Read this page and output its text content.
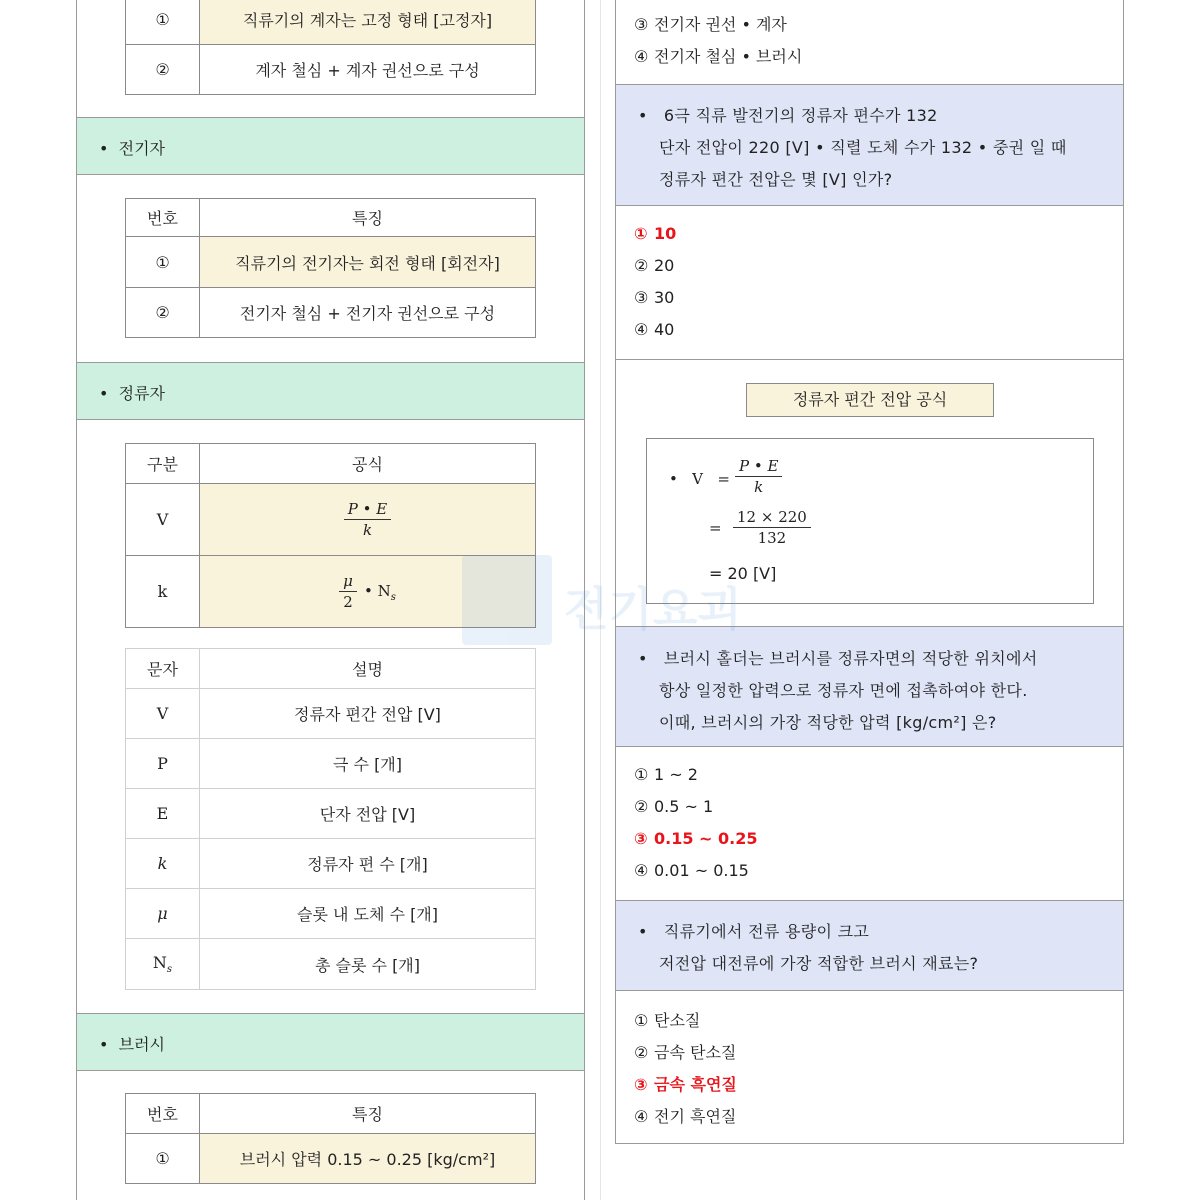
①	직류기의 계자는 고정 형태 [고정자]
②	계자 철심 + 계자 권선으로 구성
•  전기자
번호	특징
①	직류기의 전기자는 회전 형태 [회전자]
②	전기자 철심 + 전기자 권선으로 구성
•  정류자
구분	공식
V	$\frac{P • E}{k}$

k	$\frac{\mu}{2}$ • $N_s$
문자	설명
V	정류자 편간 전압 [V]
P	극 수 [개]
E	단자 전압 [V]
k	정류자 편 수 [개]
μ	슬롯 내 도체 수 [개]
$N_s$	총 슬롯 수 [개]
•  브러시
번호	특징
①	브러시 압력 0.15 ~ 0.25 [kg/cm²]
③ 전기자 권선 • 계자
④ 전기자 철심 • 브러시
•   6극 직류 발전기의 정류자 편수가 132
단자 전압이 220 [V] • 직렬 도체 수가 132 • 중권 일 때
정류자 편간 전압은 몇 [V] 인가?
① 10
② 20
③ 30
④ 40
정류자 편간 전압 공식
•   $V = \frac{P • E}{k}$
= $\frac{12 \times 220}{132}$
= 20 [V]
•   브러시 홀더는 브러시를 정류자면의 적당한 위치에서
항상 일정한 압력으로 정류자 면에 접촉하여야 한다.
이때, 브러시의 가장 적당한 압력 [kg/cm²] 은?
① 1 ~ 2
② 0.5 ~ 1
③ 0.15 ~ 0.25
④ 0.01 ~ 0.15
•   직류기에서 전류 용량이 크고
저전압 대전류에 가장 적합한 브러시 재료는?
① 탄소질
② 금속 탄소질
③ 금속 흑연질
④ 전기 흑연질
전기요괴
